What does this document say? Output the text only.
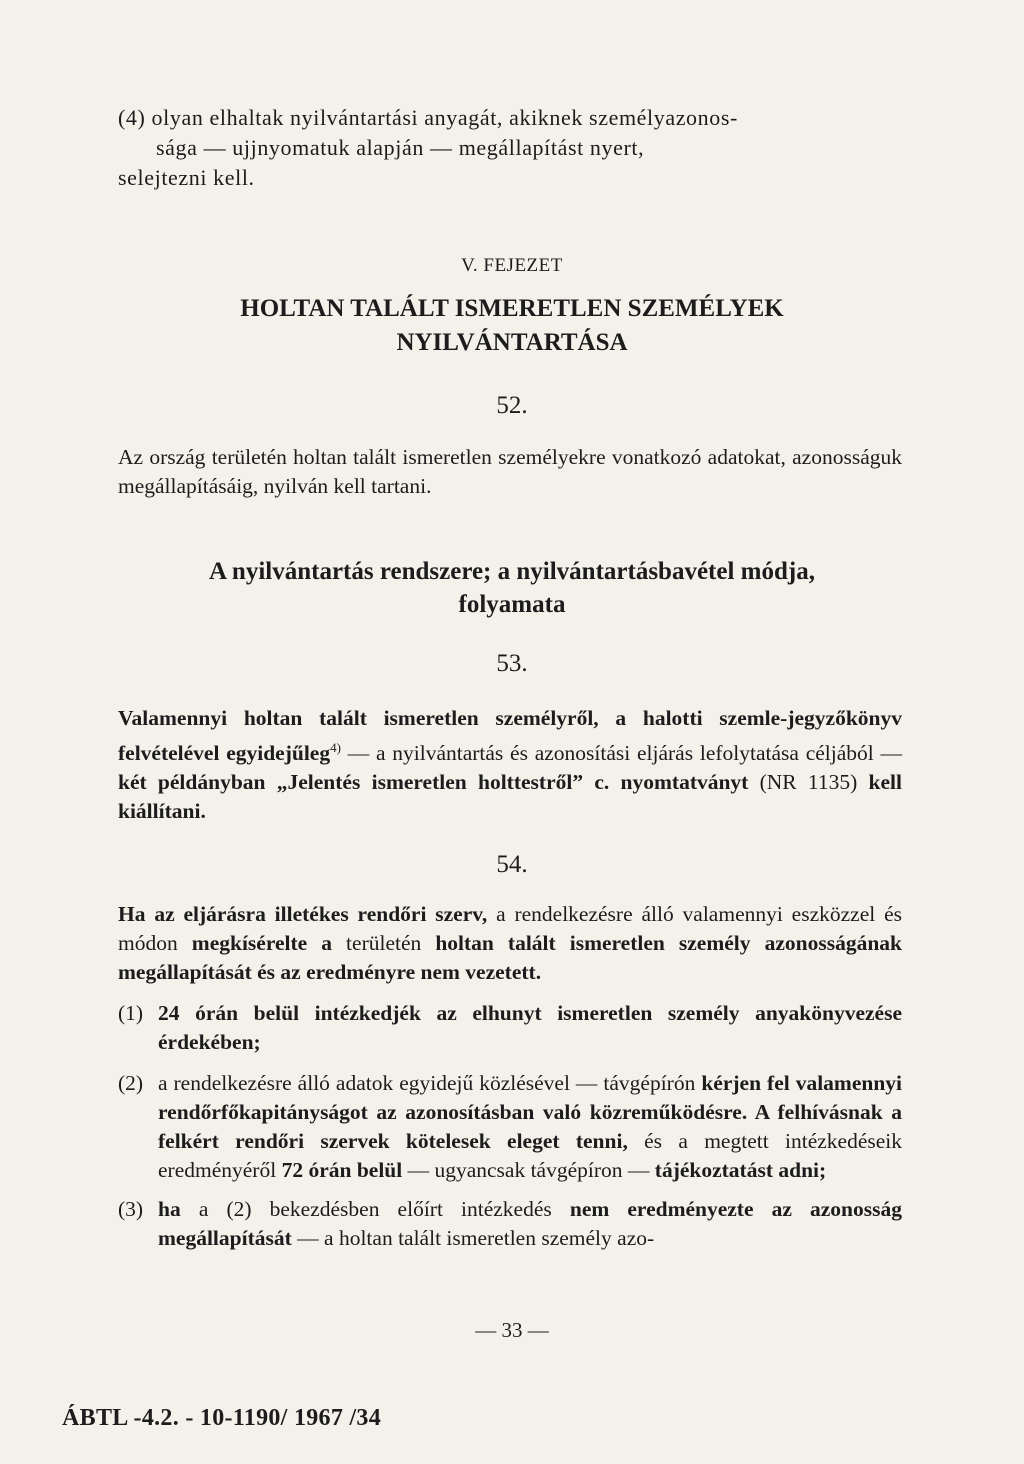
(4) olyan elhaltak nyilvántartási anyagát, akiknek személyazonos-

sága — ujjnyomatuk alapján — megállapítást nyert,

selejtezni kell.

V. FEJEZET
HOLTAN TALÁLT ISMERETLEN SZEMÉLYEK
NYILVÁNTARTÁSA
52.
Az ország területén holtan talált ismeretlen személyekre vonatkozó adatokat, azonosságuk megállapításáig, nyilván kell tartani.
A nyilvántartás rendszere; a nyilvántartásbavétel módja,
folyamata
53.
Valamennyi holtan talált ismeretlen személyről, a halotti szemle-jegyzőkönyv felvételével egyidejűleg$^{4)}$ — a nyilvántartás és azonosítási eljárás lefolytatása céljából — két példányban „Jelentés ismeretlen holttestről” c. nyomtatványt (NR 1135) kell kiállítani.
54.

Ha az eljárásra illetékes rendőri szerv, a rendelkezésre álló valamennyi eszközzel és módon megkísérelte a területén holtan talált ismeretlen személy azonosságának megállapítását és az eredményre nem vezetett.

(1) 24 órán belül intézkedjék az elhunyt ismeretlen személy anyakönyvezése érdekében;
(2) a rendelkezésre álló adatok egyidejű közlésével — távgépírón kérjen fel valamennyi rendőrfőkapitányságot az azonosításban való közreműködésre. A felhívásnak a felkért rendőri szervek kötelesek eleget tenni, és a megtett intézkedéseik eredményéről 72 órán belül — ugyancsak távgépíron — tájékoztatást adni;
(3) ha a (2) bekezdésben előírt intézkedés nem eredményezte az azonosság megállapítását — a holtan talált ismeretlen személy azo-
— 33 —
ÁBTL -4.2. - 10-1190/ 1967 /34
